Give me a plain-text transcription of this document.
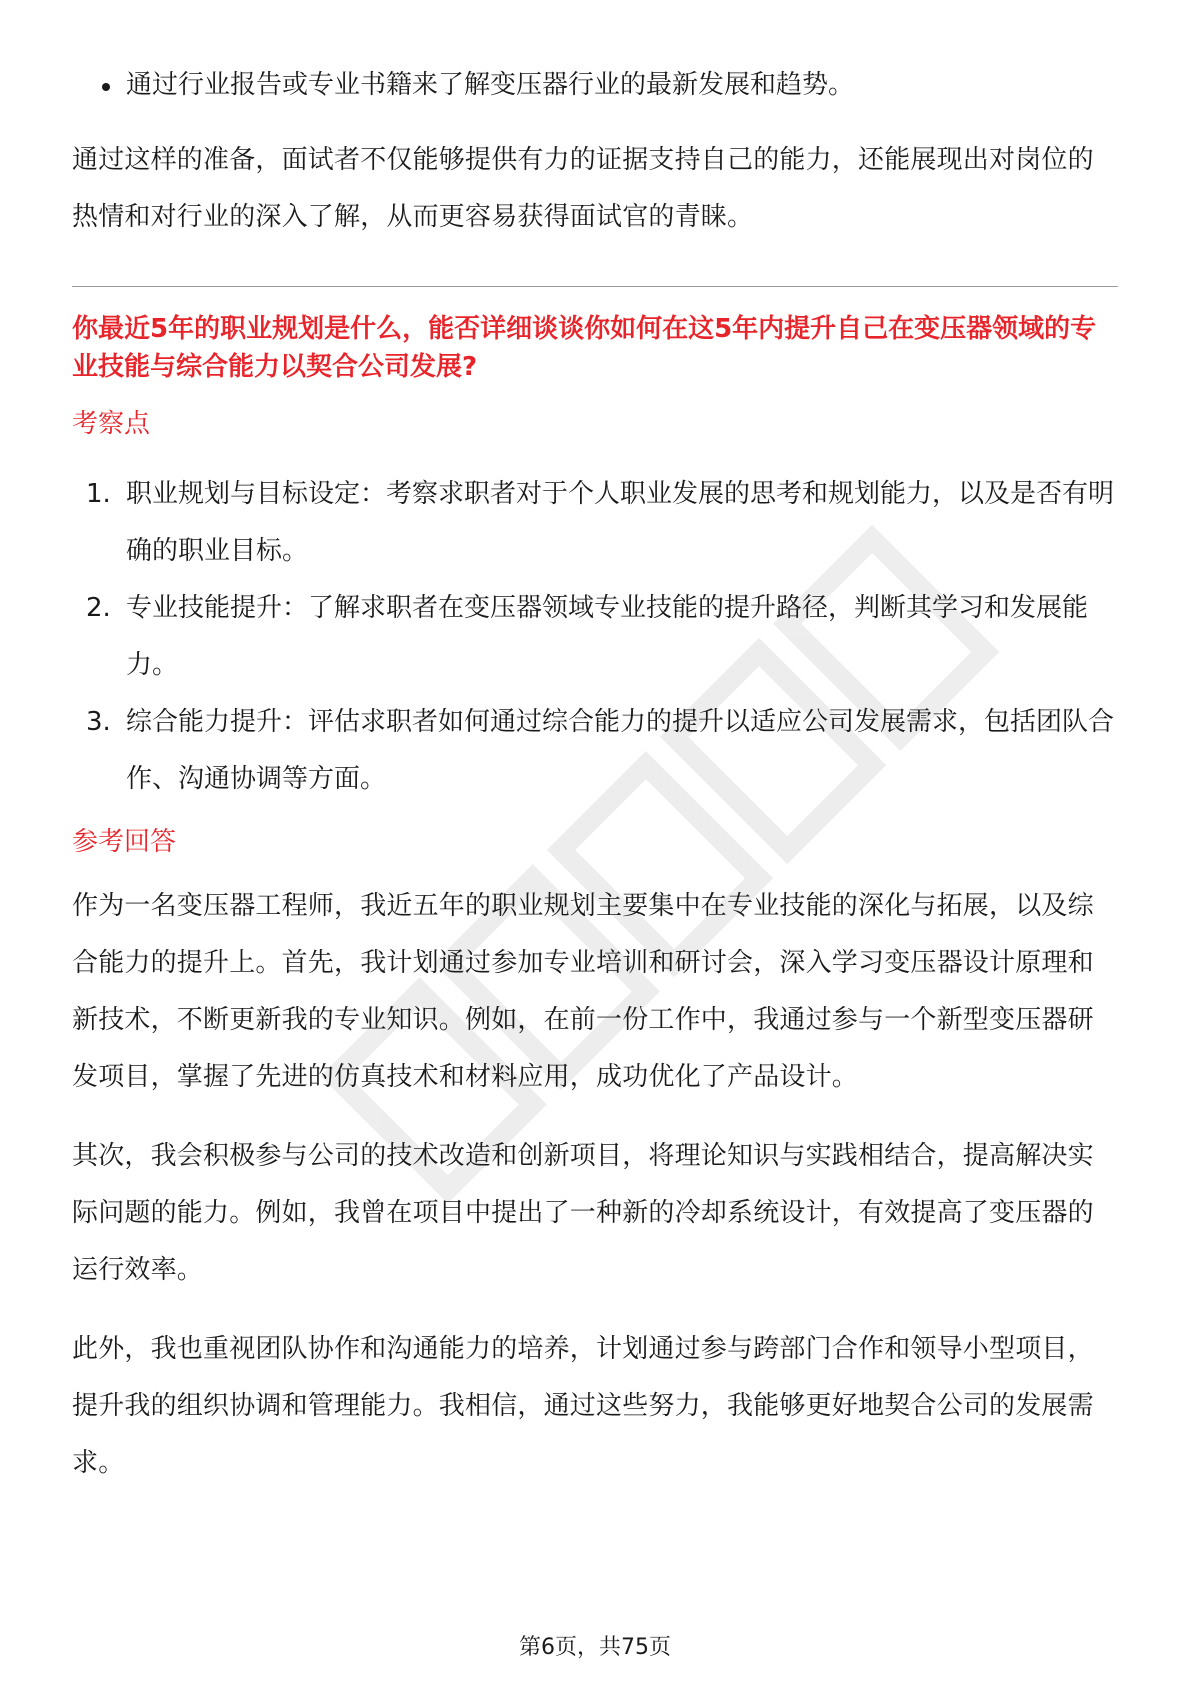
通过行业报告或专业书籍来了解变压器行业的最新发展和趋势。

通过这样的准备，面试者不仅能够提供有力的证据支持自己的能力，还能展现出对岗位的热情和对行业的深入了解，从而更容易获得面试官的青睐。

你最近5年的职业规划是什么，能否详细谈谈你如何在这5年内提升自己在变压器领域的专业技能与综合能力以契合公司发展?
考察点
1. 职业规划与目标设定：考察求职者对于个人职业发展的思考和规划能力，以及是否有明确的职业目标。
2. 专业技能提升：了解求职者在变压器领域专业技能的提升路径，判断其学习和发展能力。
3. 综合能力提升：评估求职者如何通过综合能力的提升以适应公司发展需求，包括团队合作、沟通协调等方面。
参考回答

作为一名变压器工程师，我近五年的职业规划主要集中在专业技能的深化与拓展，以及综合能力的提升上。首先，我计划通过参加专业培训和研讨会，深入学习变压器设计原理和新技术，不断更新我的专业知识。例如，在前一份工作中，我通过参与一个新型变压器研发项目，掌握了先进的仿真技术和材料应用，成功优化了产品设计。

其次，我会积极参与公司的技术改造和创新项目，将理论知识与实践相结合，提高解决实际问题的能力。例如，我曾在项目中提出了一种新的冷却系统设计，有效提高了变压器的运行效率。

此外，我也重视团队协作和沟通能力的培养，计划通过参与跨部门合作和领导小型项目，提升我的组织协调和管理能力。我相信，通过这些努力，我能够更好地契合公司的发展需求。

第6页，共75页
